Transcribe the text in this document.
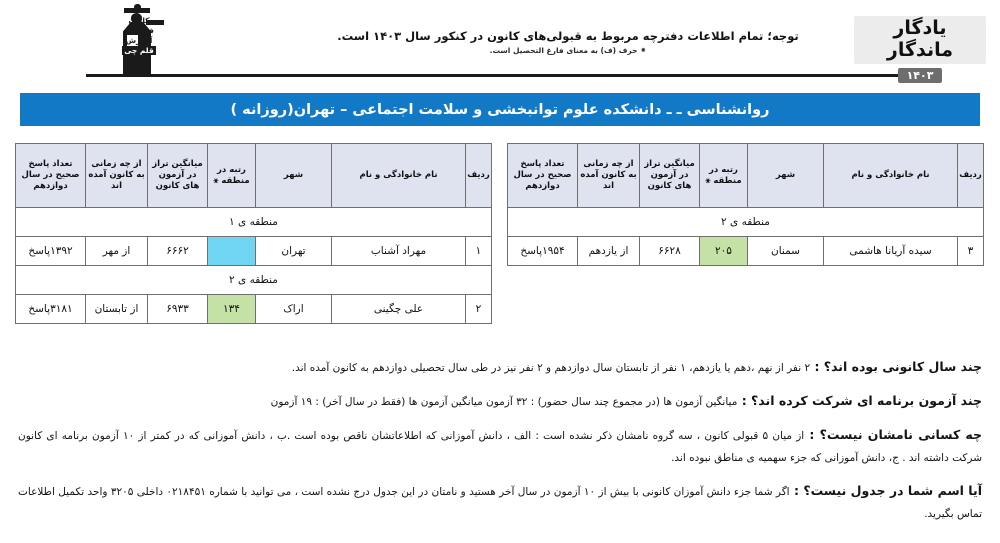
کانون
فرهنگی
آموزش
قلم چی
توجه؛ تمام اطلاعات دفترچه مربوط به قبولی‌های کانون در کنکور سال ۱۴۰۳ است.
⁕ حرف (ف) به معنای فارغ التحصیل است.
یادگار ماندگار
۱۴۰۳
روانشناسی ـ ـ دانشکده علوم توانبخشی و سلامت اجتماعی – تهران(روزانه )
ردیف	نام خانوادگی و نام	شهر	رتبه در منطقه ⚹	میانگین تراز در آزمون های کانون	از چه زمانی به کانون آمده اند	تعداد پاسخ صحیح در سال دوازدهم
منطقه ی ۲						
۳	سیده آریانا هاشمی	سمنان	۲۰۵	۶۶۲۸	از یازدهم	۱۹۵۴پاسخ
ردیف	نام خانوادگی و نام	شهر	رتبه در منطقه ⚹	میانگین تراز در آزمون های کانون	از چه زمانی به کانون آمده اند	تعداد پاسخ صحیح در سال دوازدهم
منطقه ی ۱						
۱	مهراد آشناب	تهران		۶۶۶۲	از مهر	۱۳۹۲پاسخ
منطقه ی ۲						
۲	علی چگینی	اراک	۱۳۴	۶۹۳۳	از تابستان	۳۱۸۱پاسخ

چند سال کانونی بوده اند؟ : ۲ نفر از نهم ،دهم یا یازدهم، ۱ نفر از تابستان سال دوازدهم و ۲ نفر نیز در طی سال تحصیلی دوازدهم به کانون آمده اند.

چند آزمون برنامه ای شرکت کرده اند؟ : میانگین آزمون ها (در مجموع چند سال حضور) : ۳۲ آزمون میانگین آزمون ها (فقط در سال آخر) : ۱۹ آزمون

چه کسانی نامشان نیست؟ : از میان ۵ قبولی کانون ، سه گروه نامشان ذکر نشده است : الف ، دانش آموزانی که اطلاعاتشان ناقص بوده است .ب ، دانش آموزانی که در کمتر از ۱۰ آزمون برنامه ای کانون شرکت داشته اند . ج، دانش آموزانی که جزء سهمیه ی مناطق نبوده اند.

آیا اسم شما در جدول نیست؟ : اگر شما جزء دانش آموزان کانونی با بیش از ۱۰ آزمون در سال آخر هستید و نامتان در این جدول درج نشده است ، می توانید با شماره ۰۲۱۸۴۵۱ داخلی ۳۲۰۵ واحد تکمیل اطلاعات تماس بگیرید.
